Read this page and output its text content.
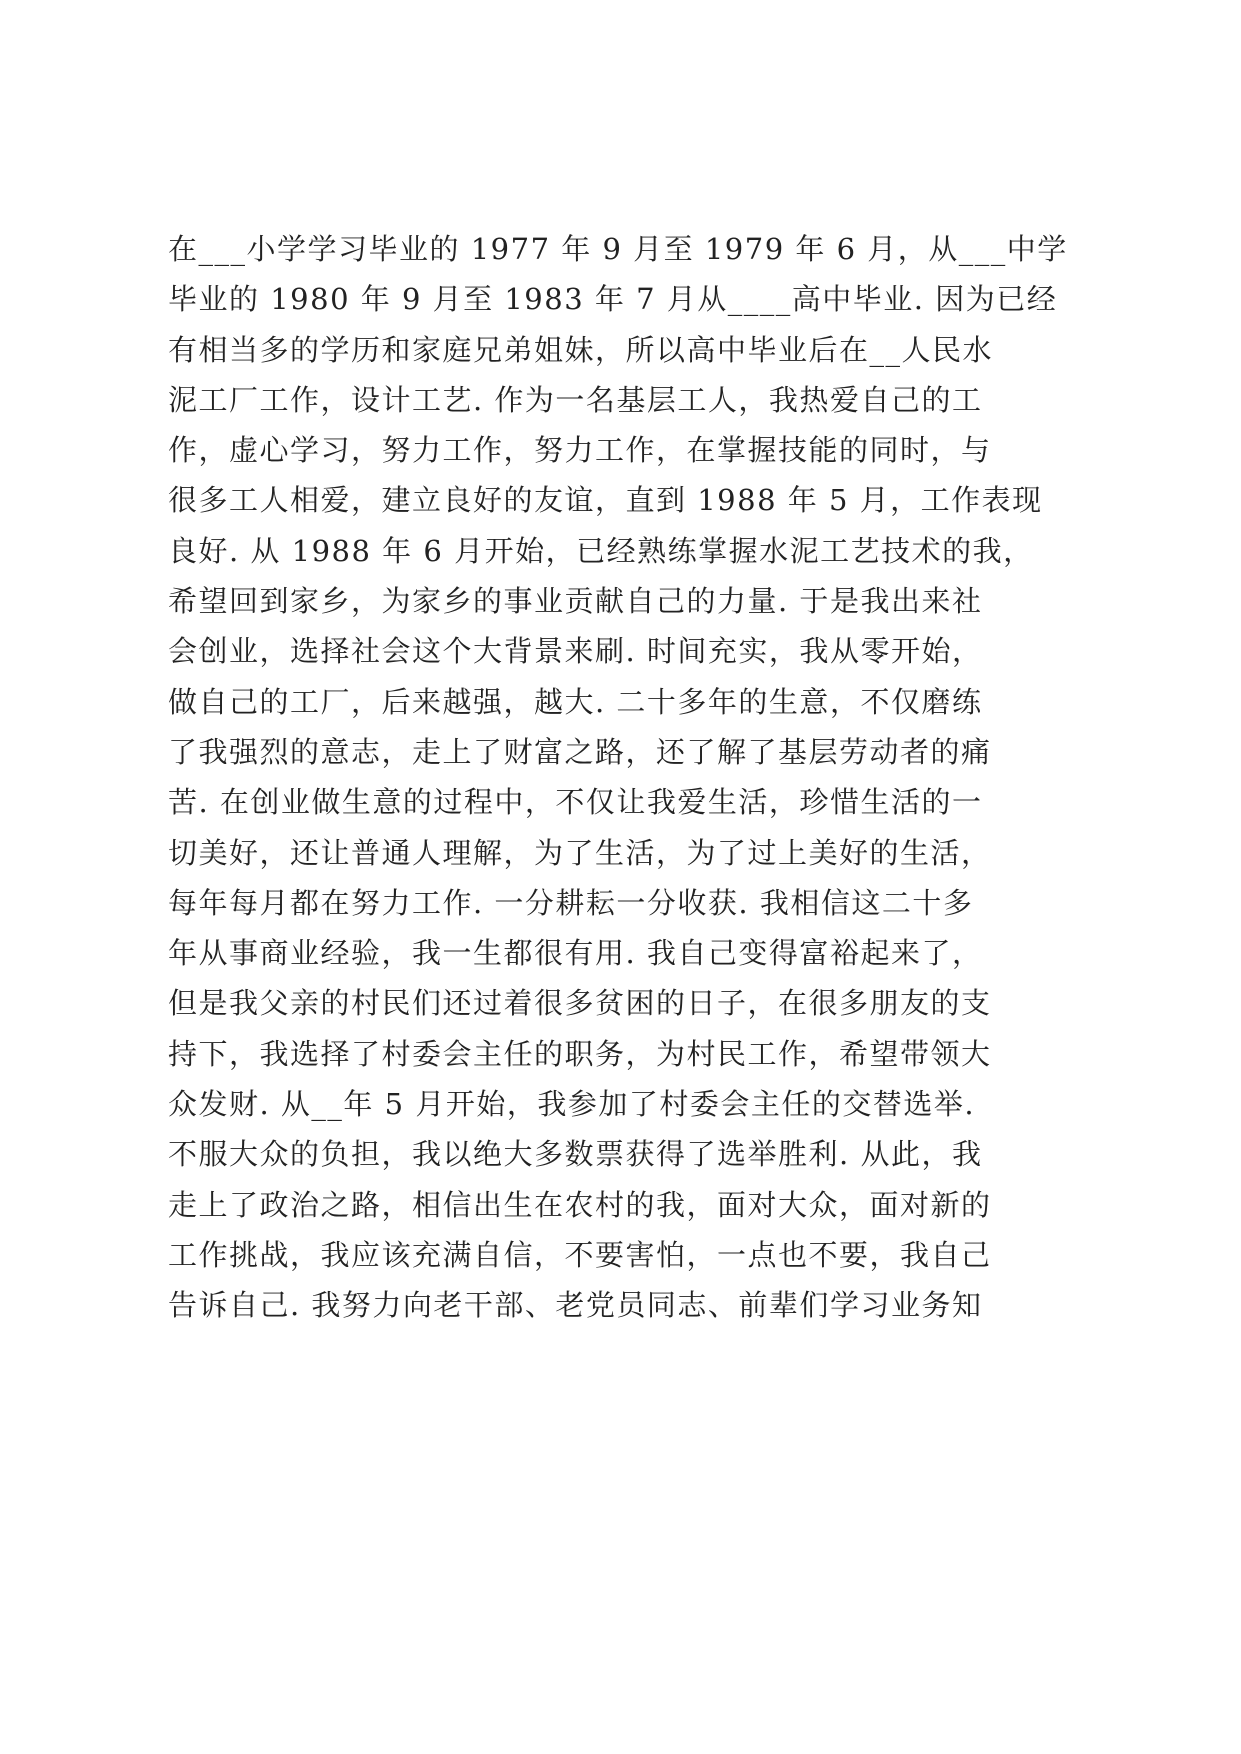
在___小学学习毕业的 1977 年 9 月至 1979 年 6 月，从___中学
毕业的 1980 年 9 月至 1983 年 7 月从____高中毕业. 因为已经
有相当多的学历和家庭兄弟姐妹，所以高中毕业后在__人民水
泥工厂工作，设计工艺. 作为一名基层工人，我热爱自己的工
作，虚心学习，努力工作，努力工作，在掌握技能的同时，与
很多工人相爱，建立良好的友谊，直到 1988 年 5 月，工作表现
良好. 从 1988 年 6 月开始，已经熟练掌握水泥工艺技术的我，
希望回到家乡，为家乡的事业贡献自己的力量. 于是我出来社
会创业，选择社会这个大背景来刷. 时间充实，我从零开始，
做自己的工厂，后来越强，越大. 二十多年的生意，不仅磨练
了我强烈的意志，走上了财富之路，还了解了基层劳动者的痛
苦. 在创业做生意的过程中，不仅让我爱生活，珍惜生活的一
切美好，还让普通人理解，为了生活，为了过上美好的生活，
每年每月都在努力工作. 一分耕耘一分收获. 我相信这二十多
年从事商业经验，我一生都很有用. 我自己变得富裕起来了，
但是我父亲的村民们还过着很多贫困的日子，在很多朋友的支
持下，我选择了村委会主任的职务，为村民工作，希望带领大
众发财. 从__年 5 月开始，我参加了村委会主任的交替选举.
不服大众的负担，我以绝大多数票获得了选举胜利. 从此，我
走上了政治之路，相信出生在农村的我，面对大众，面对新的
工作挑战，我应该充满自信，不要害怕，一点也不要，我自己
告诉自己. 我努力向老干部、老党员同志、前辈们学习业务知
